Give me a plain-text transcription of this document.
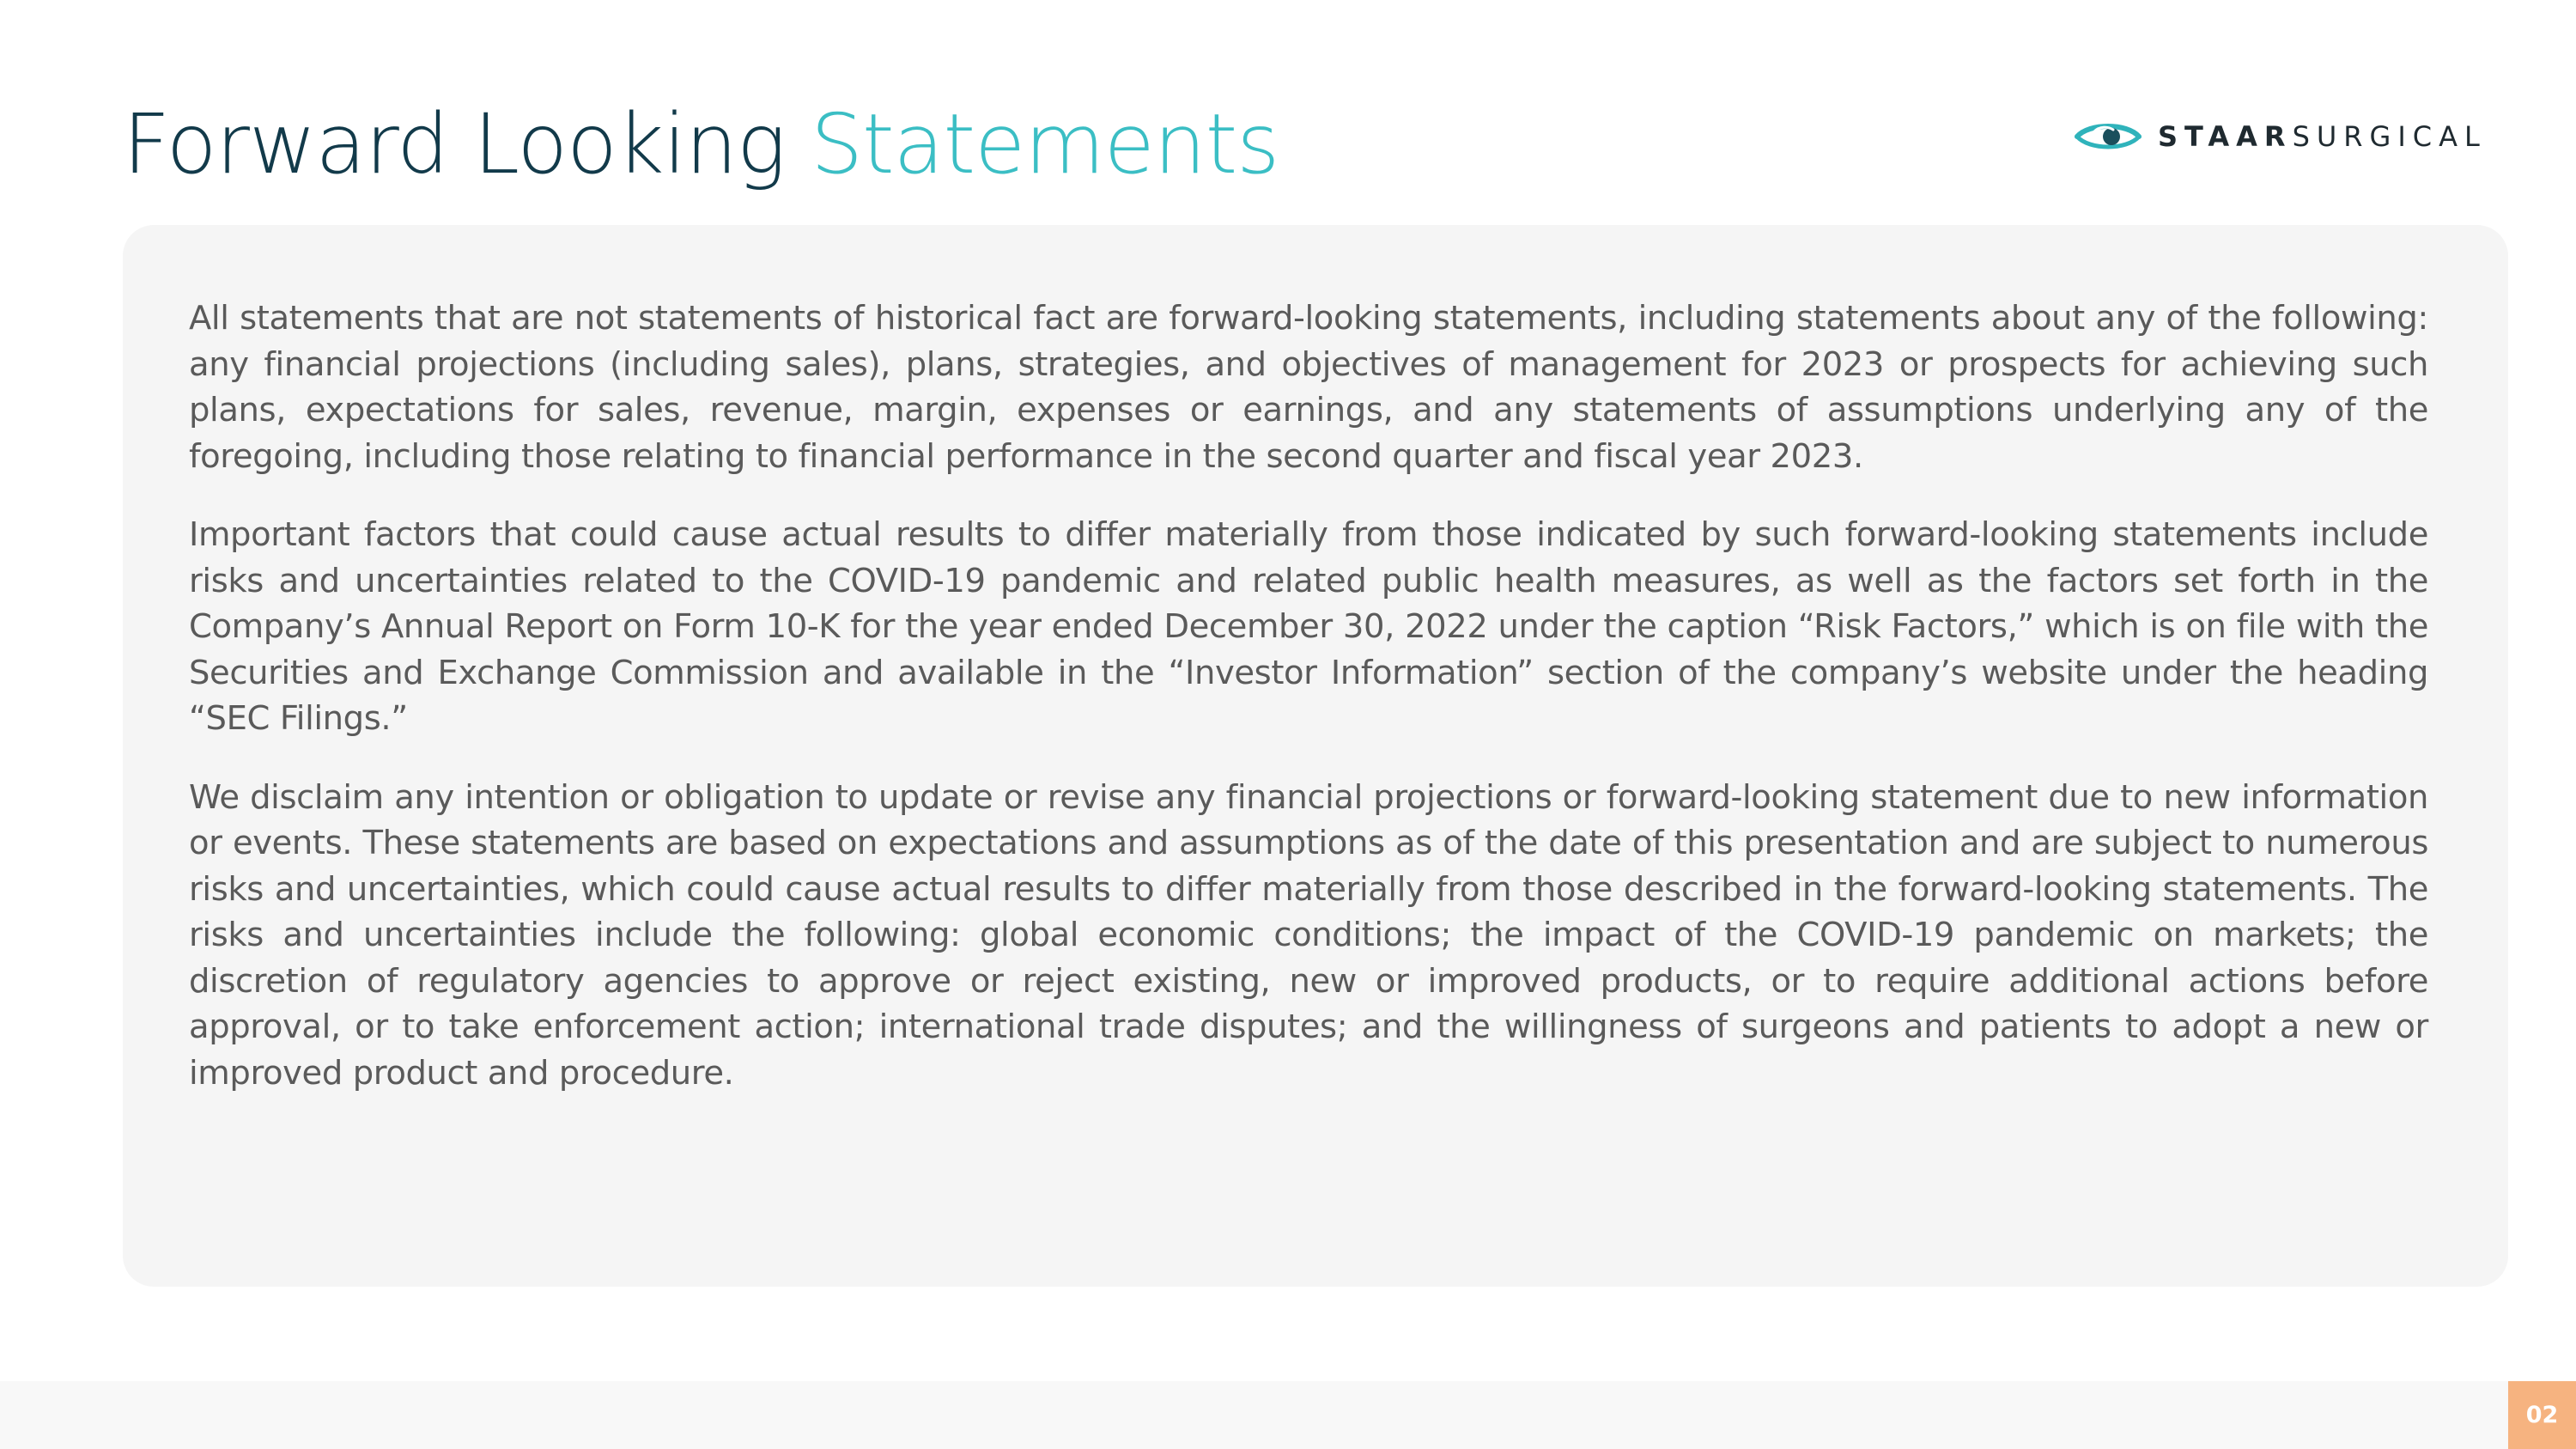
Forward Looking Statements	STAARSURGICAL

All statements that are not statements of historical fact are forward-looking statements, including statements about any of the following: any financial projections (including sales), plans, strategies, and objectives of management for 2023 or prospects for achieving such plans, expectations for sales, revenue, margin, expenses or earnings, and any statements of assumptions underlying any of the foregoing, including those relating to financial performance in the second quarter and fiscal year 2023.

Important factors that could cause actual results to differ materially from those indicated by such forward-looking statements include risks and uncertainties related to the COVID-19 pandemic and related public health measures, as well as the factors set forth in the Company’s Annual Report on Form 10-K for the year ended December 30, 2022 under the caption “Risk Factors,” which is on file with the Securities and Exchange Commission and available in the “Investor Information” section of the company’s website under the heading “SEC Filings.”

We disclaim any intention or obligation to update or revise any financial projections or forward-looking statement due to new information or events. These statements are based on expectations and assumptions as of the date of this presentation and are subject to numerous risks and uncertainties, which could cause actual results to differ materially from those described in the forward-looking statements. The risks and uncertainties include the following: global economic conditions; the impact of the COVID-19 pandemic on markets; the discretion of regulatory agencies to approve or reject existing, new or improved products, or to require additional actions before approval, or to take enforcement action; international trade disputes; and the willingness of surgeons and patients to adopt a new or improved product and procedure.

02
